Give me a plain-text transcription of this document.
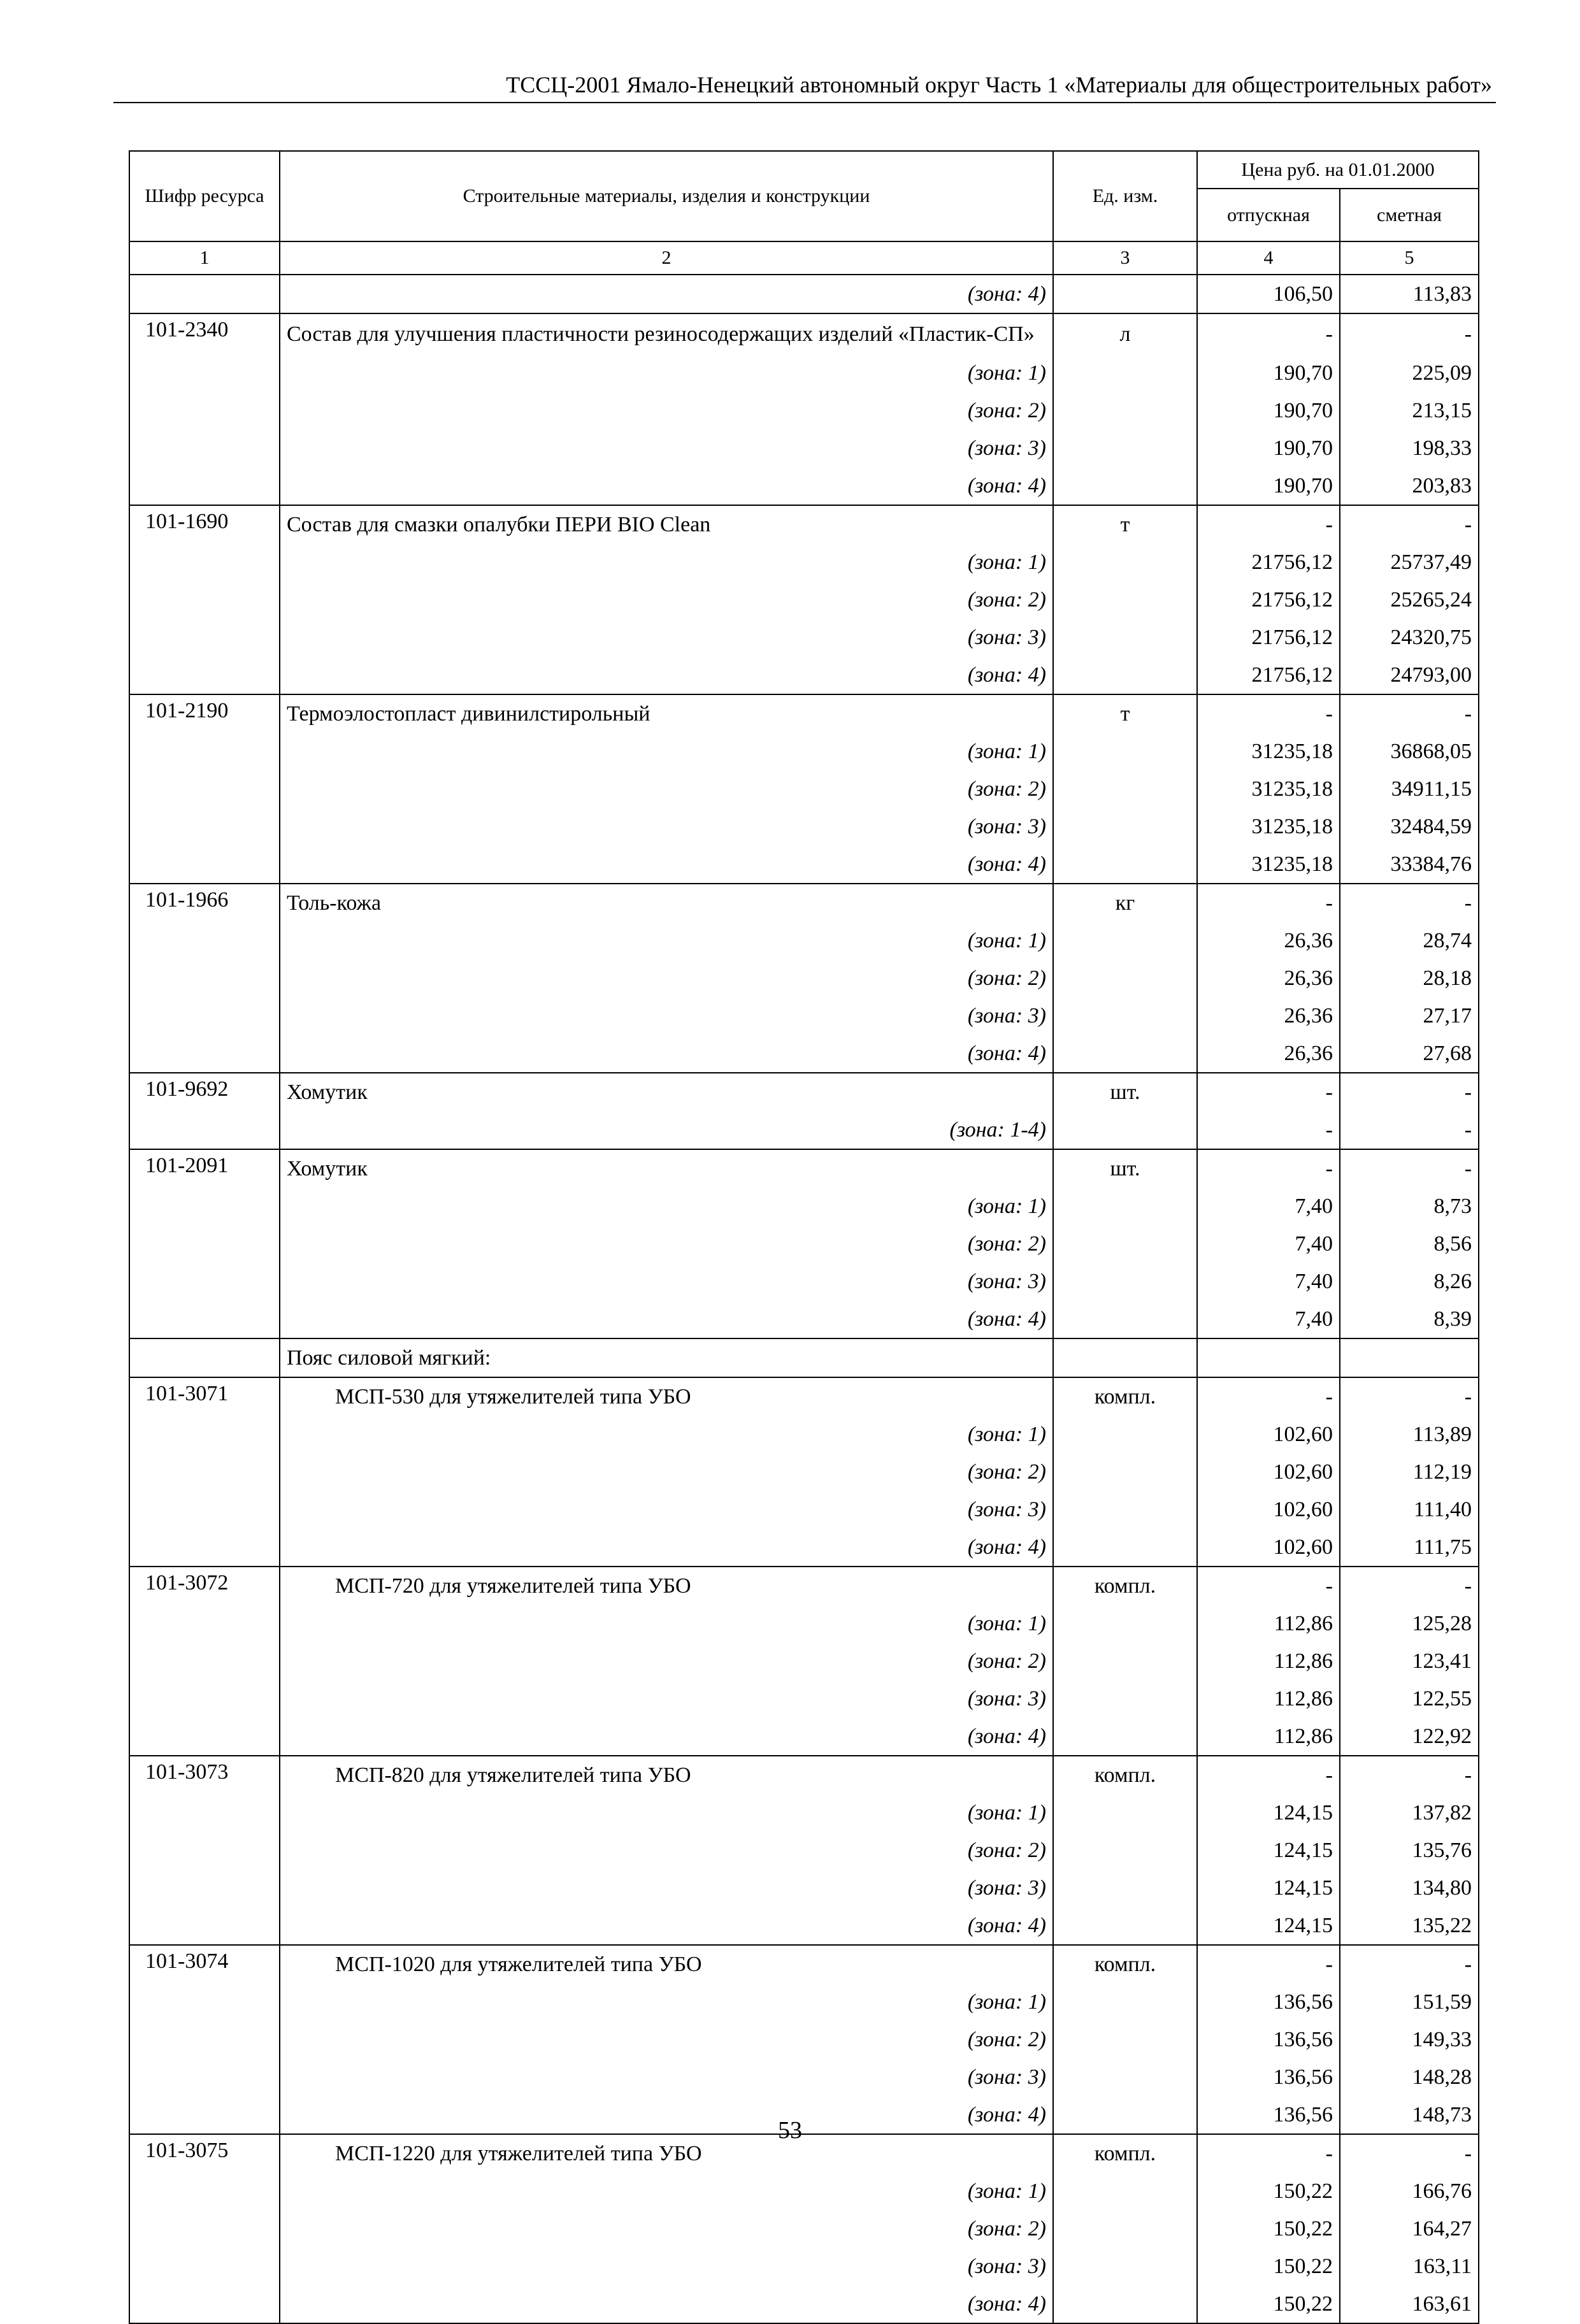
ТССЦ-2001 Ямало-Ненецкий автономный округ Часть 1 «Материалы для общестроительных работ»
Шифр ресурса	Строительные материалы, изделия и конструкции	Ед. изм.	Цена руб. на 01.01.2000	
			отпускная	сметная
1	2	3	4	5
	(зона: 4)		106,50	113,83
101-2340	Состав для улучшения пластичности резиносодержащих изделий «Пластик-СП»	л	-	-
	(зона: 1)		190,70	225,09
	(зона: 2)		190,70	213,15
	(зона: 3)		190,70	198,33
	(зона: 4)		190,70	203,83
101-1690	Состав для смазки опалубки ПЕРИ BIO Clean	т	-	-
	(зона: 1)		21756,12	25737,49
	(зона: 2)		21756,12	25265,24
	(зона: 3)		21756,12	24320,75
	(зона: 4)		21756,12	24793,00
101-2190	Термоэлостопласт дивинилстирольный	т	-	-
	(зона: 1)		31235,18	36868,05
	(зона: 2)		31235,18	34911,15
	(зона: 3)		31235,18	32484,59
	(зона: 4)		31235,18	33384,76
101-1966	Толь-кожа	кг	-	-
	(зона: 1)		26,36	28,74
	(зона: 2)		26,36	28,18
	(зона: 3)		26,36	27,17
	(зона: 4)		26,36	27,68
101-9692	Хомутик	шт.	-	-
	(зона: 1-4)		-	-
101-2091	Хомутик	шт.	-	-
	(зона: 1)		7,40	8,73
	(зона: 2)		7,40	8,56
	(зона: 3)		7,40	8,26
	(зона: 4)		7,40	8,39
	Пояс силовой мягкий:			
101-3071	МСП-530 для утяжелителей типа УБО	компл.	-	-
	(зона: 1)		102,60	113,89
	(зона: 2)		102,60	112,19
	(зона: 3)		102,60	111,40
	(зона: 4)		102,60	111,75
101-3072	МСП-720 для утяжелителей типа УБО	компл.	-	-
	(зона: 1)		112,86	125,28
	(зона: 2)		112,86	123,41
	(зона: 3)		112,86	122,55
	(зона: 4)		112,86	122,92
101-3073	МСП-820 для утяжелителей типа УБО	компл.	-	-
	(зона: 1)		124,15	137,82
	(зона: 2)		124,15	135,76
	(зона: 3)		124,15	134,80
	(зона: 4)		124,15	135,22
101-3074	МСП-1020 для утяжелителей типа УБО	компл.	-	-
	(зона: 1)		136,56	151,59
	(зона: 2)		136,56	149,33
	(зона: 3)		136,56	148,28
	(зона: 4)		136,56	148,73
101-3075	МСП-1220 для утяжелителей типа УБО	компл.	-	-
	(зона: 1)		150,22	166,76
	(зона: 2)		150,22	164,27
	(зона: 3)		150,22	163,11
	(зона: 4)		150,22	163,61
53
